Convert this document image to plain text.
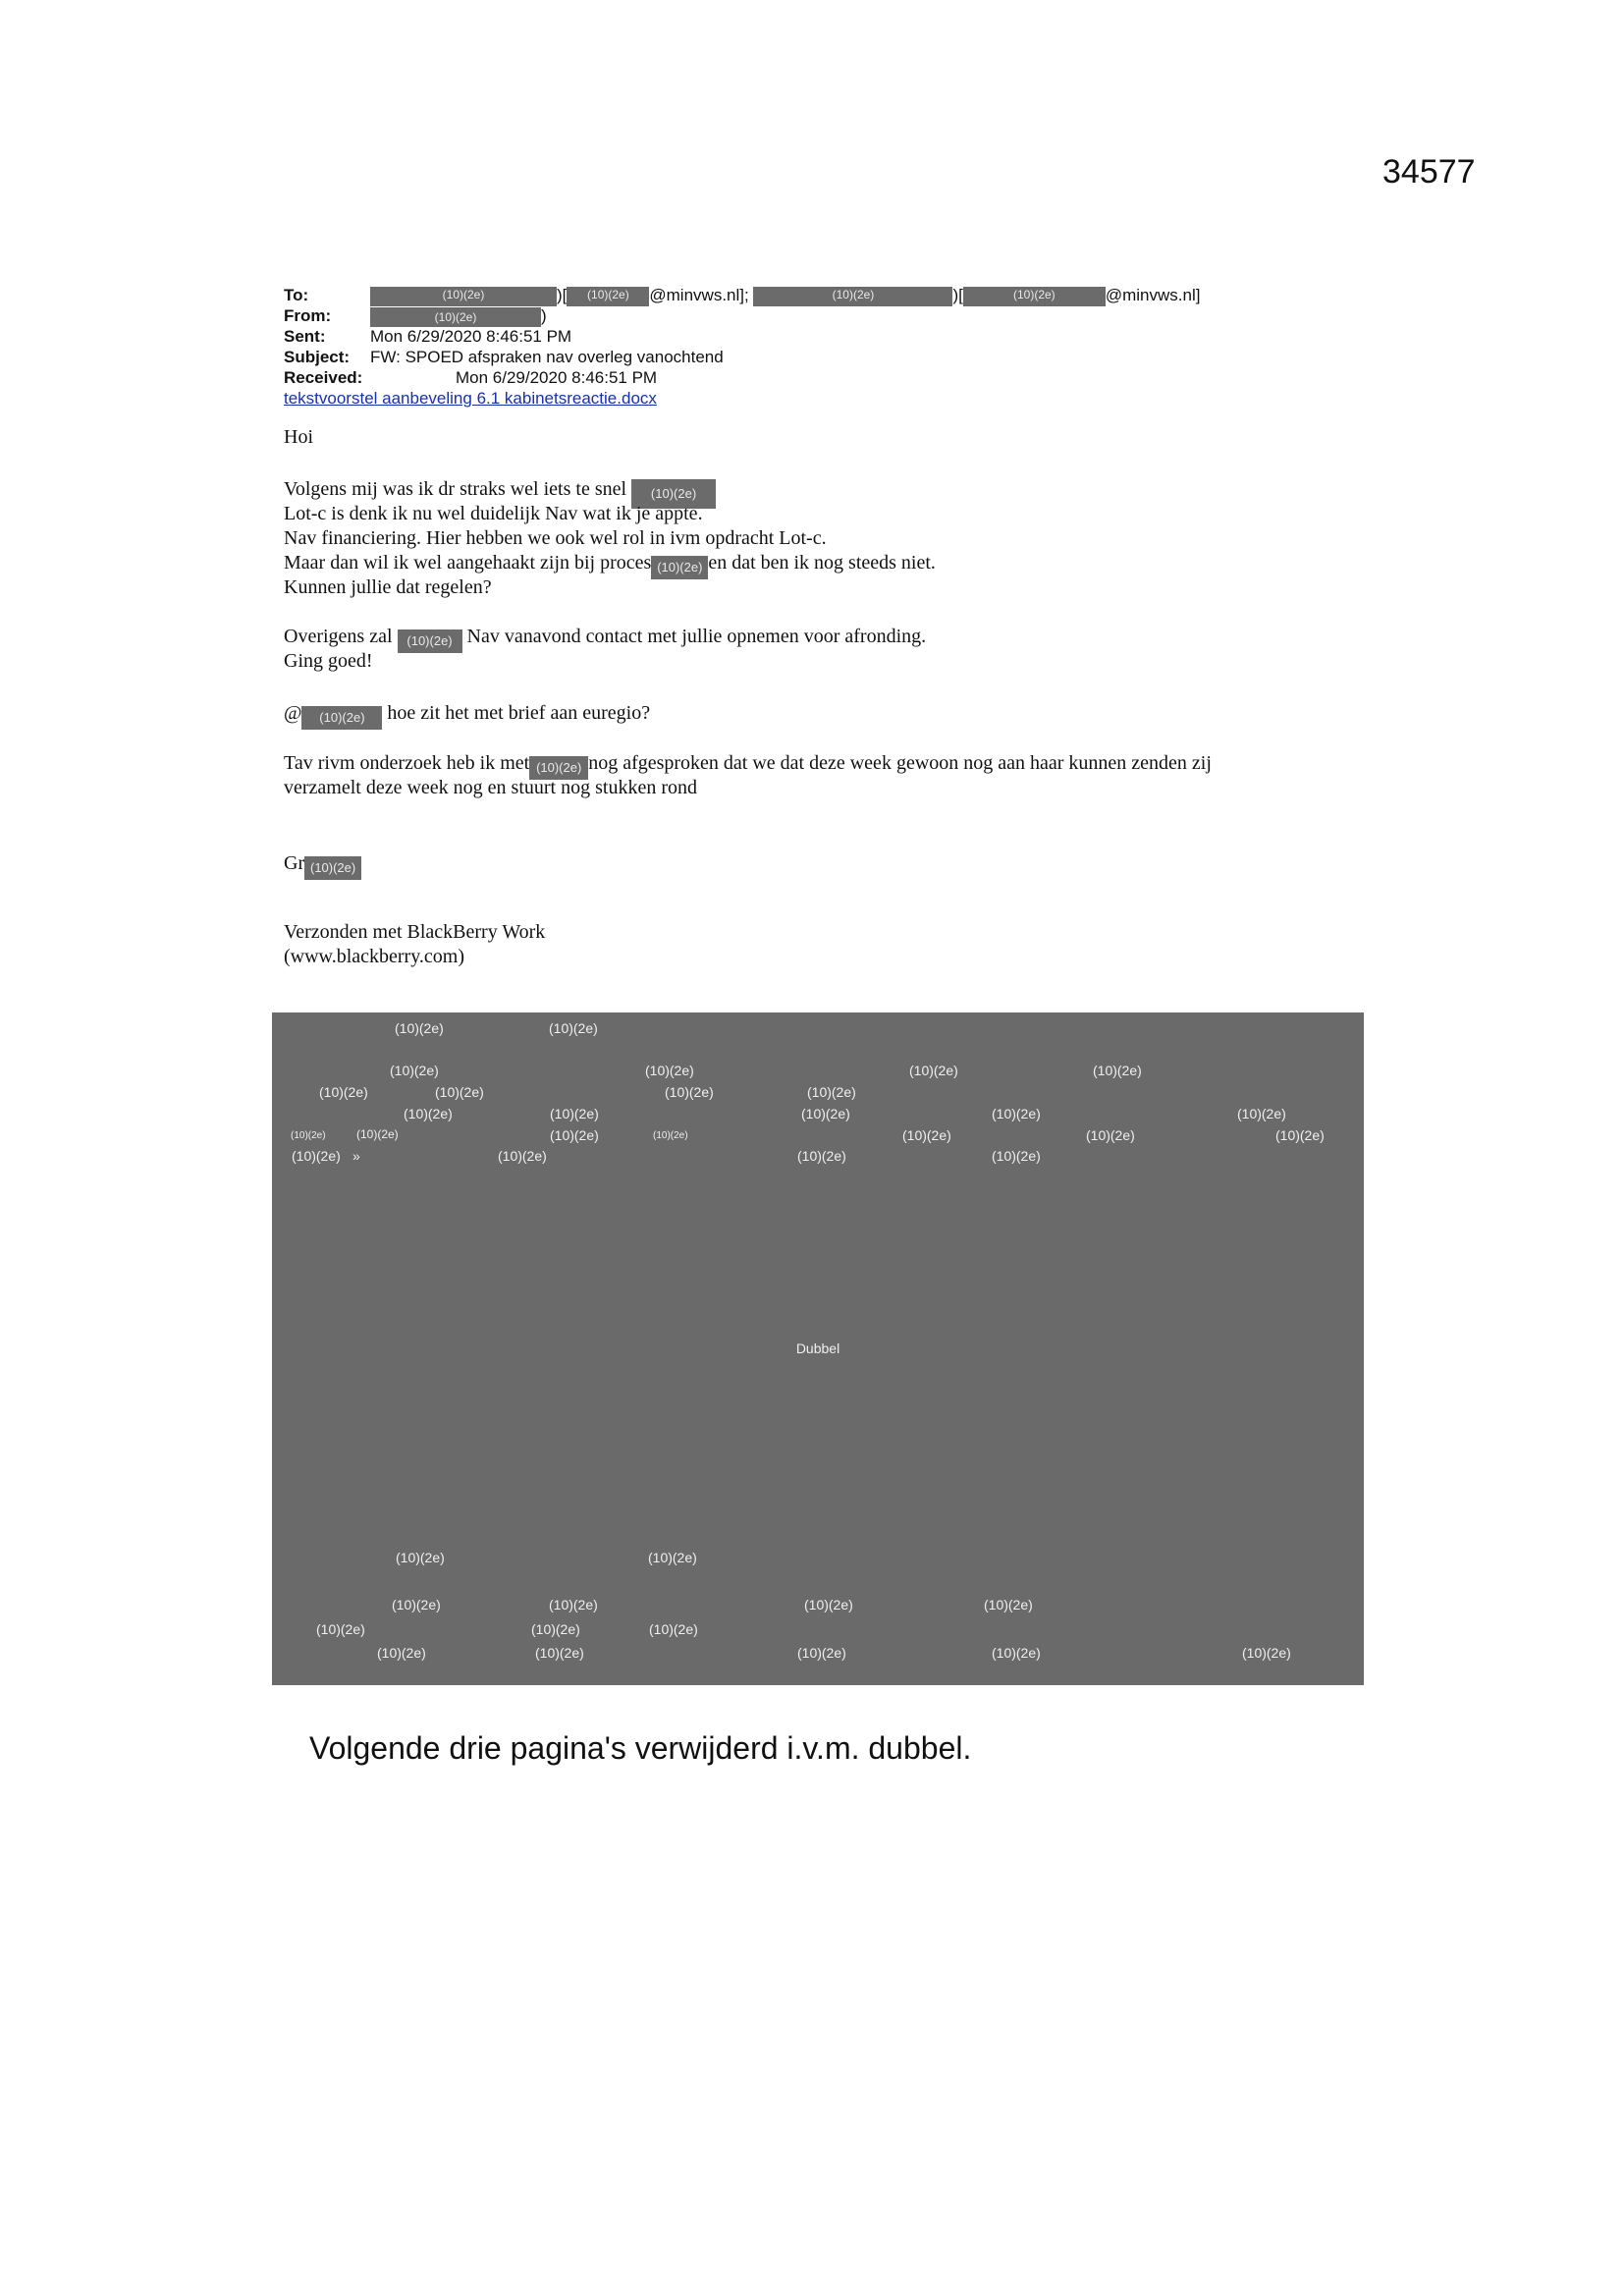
34577
To:	(10)(2e)	)[ (10)(2e) @minvws.nl];	(10)(2e)	)[	(10)(2e)	@minvws.nl]
From:	(10)(2e)	)
Sent:	Mon 6/29/2020 8:46:51 PM
Subject: FW: SPOED afspraken nav overleg vanochtend
Received:	Mon 6/29/2020 8:46:51 PM
tekstvoorstel aanbeveling 6.1 kabinetsreactie.docx
Hoi
Volgens mij was ik dr straks wel iets te snel (10)(2e)
Lot-c is denk ik nu wel duidelijk Nav wat ik je appte.
Nav financiering. Hier hebben we ook wel rol in ivm opdracht Lot-c.
Maar dan wil ik wel aangehaakt zijn bij proces (10)(2e) en dat ben ik nog steeds niet.
Kunnen jullie dat regelen?
Overigens zal (10)(2e) Nav vanavond contact met jullie opnemen voor afronding.
Ging goed!
@ (10)(2e) hoe zit het met brief aan euregio?
Tav rivm onderzoek heb ik met (10)(2e) nog afgesproken dat we dat deze week gewoon nog aan haar kunnen zenden zij
verzamelt deze week nog en stuurt nog stukken rond
Gr (10)(2e)
Verzonden met BlackBerry Work
(www.blackberry.com)
(10)(2e)	(10)(2e)
(10)(2e)	(10)(2e)	(10)(2e)	(10)(2e)
(10)(2e)	(10)(2e)	(10)(2e)	(10)(2e)
(10)(2e)	(10)(2e)	(10)(2e)	(10)(2e)	(10)(2e)
(10)(2e)	(10)(2e)	(10)(2e)	(10)(2e)	(10)(2e)	(10)(2e)	(10)(2e)
(10)(2e) »	(10)(2e)	(10)(2e)	(10)(2e)
Dubbel
(10)(2e)	(10)(2e)
(10)(2e)	(10)(2e)	(10)(2e)	(10)(2e)
(10)(2e)	(10)(2e)	(10)(2e)
(10)(2e)	(10)(2e)	(10)(2e)	(10)(2e)	(10)(2e)
Volgende drie pagina's verwijderd i.v.m. dubbel.
